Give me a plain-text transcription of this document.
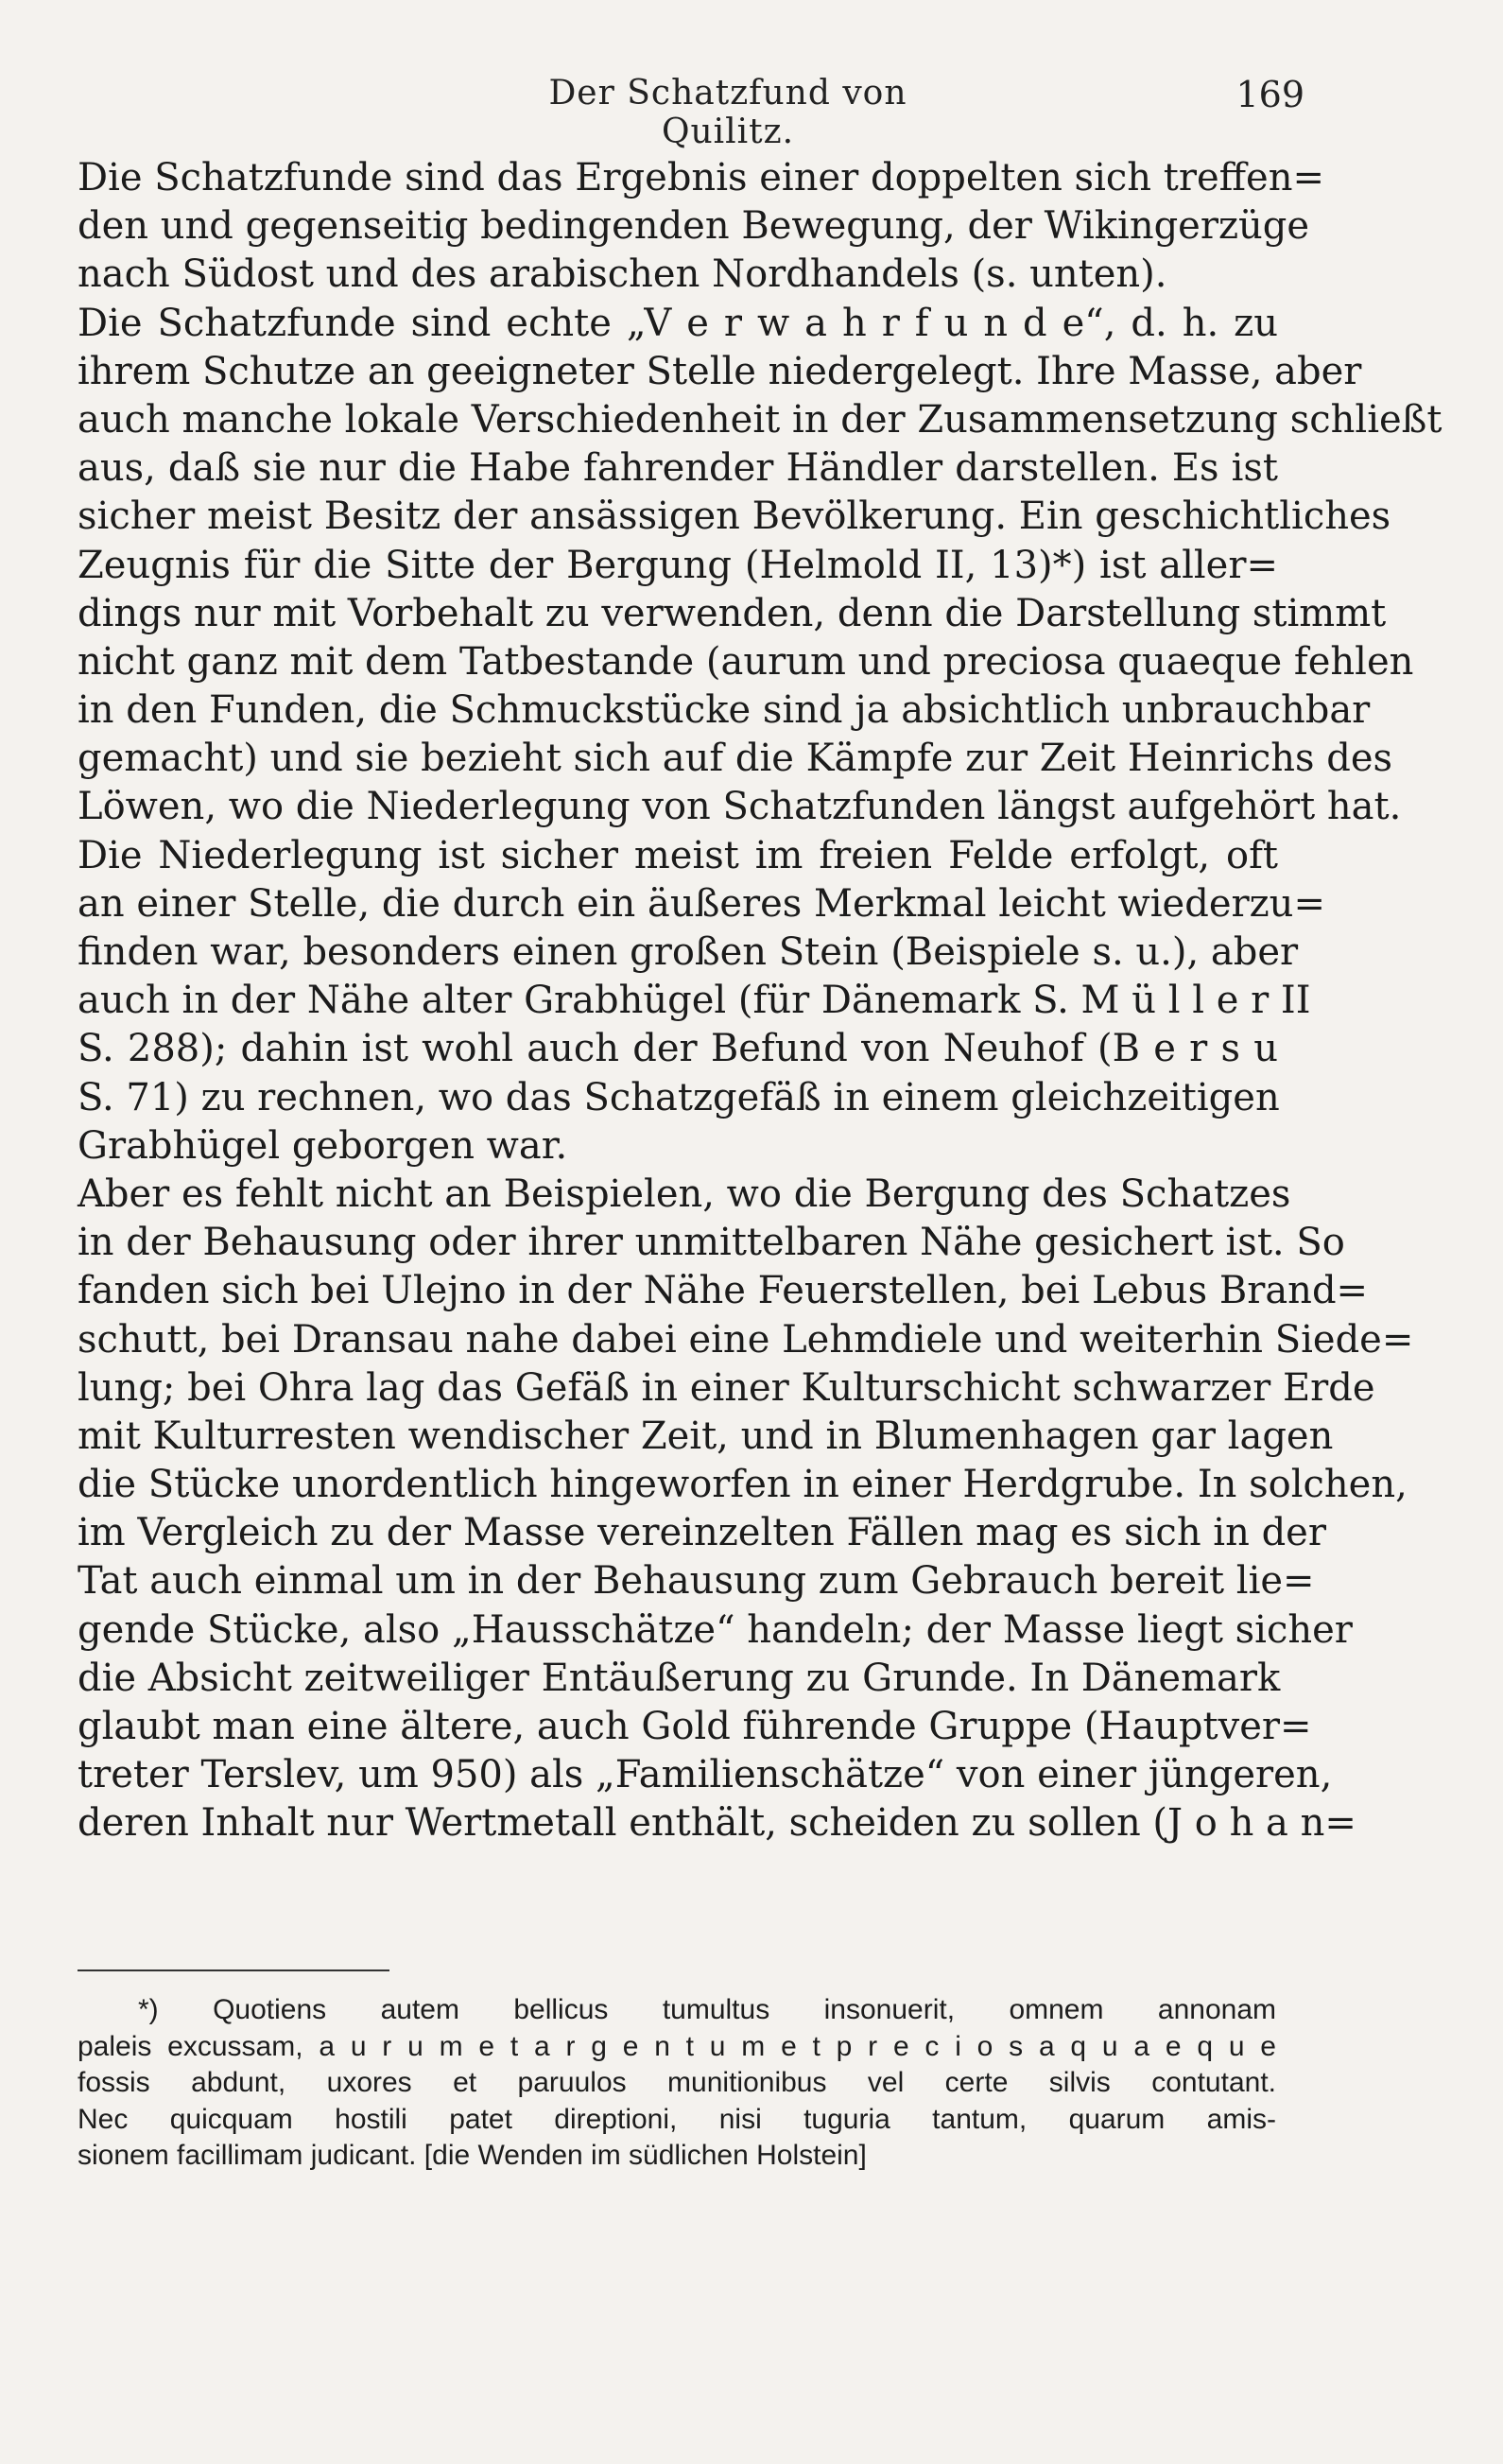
Der Schatzfund von Quilitz.
169
Die Schatzfunde sind das Ergebnis einer doppelten sich treffen=
den und gegenseitig bedingenden Bewegung, der Wikingerzüge
nach Südost und des arabischen Nordhandels (s. unten).
Die Schatzfunde sind echte „V e r w a h r f u n d e“, d. h. zu
ihrem Schutze an geeigneter Stelle niedergelegt. Ihre Masse, aber
auch manche lokale Verschiedenheit in der Zusammensetzung schließt
aus, daß sie nur die Habe fahrender Händler darstellen. Es ist
sicher meist Besitz der ansässigen Bevölkerung. Ein geschichtliches
Zeugnis für die Sitte der Bergung (Helmold II, 13)*) ist aller=
dings nur mit Vorbehalt zu verwenden, denn die Darstellung stimmt
nicht ganz mit dem Tatbestande (aurum und preciosa quaeque fehlen
in den Funden, die Schmuckstücke sind ja absichtlich unbrauchbar
gemacht) und sie bezieht sich auf die Kämpfe zur Zeit Heinrichs des
Löwen, wo die Niederlegung von Schatzfunden längst aufgehört hat.
Die Niederlegung ist sicher meist im freien Felde erfolgt, oft
an einer Stelle, die durch ein äußeres Merkmal leicht wiederzu=
finden war, besonders einen großen Stein (Beispiele s. u.), aber
auch in der Nähe alter Grabhügel (für Dänemark S. M ü l l e r II
S. 288); dahin ist wohl auch der Befund von Neuhof (B e r s u
S. 71) zu rechnen, wo das Schatzgefäß in einem gleichzeitigen
Grabhügel geborgen war.
Aber es fehlt nicht an Beispielen, wo die Bergung des Schatzes
in der Behausung oder ihrer unmittelbaren Nähe gesichert ist. So
fanden sich bei Ulejno in der Nähe Feuerstellen, bei Lebus Brand=
schutt, bei Dransau nahe dabei eine Lehmdiele und weiterhin Siede=
lung; bei Ohra lag das Gefäß in einer Kulturschicht schwarzer Erde
mit Kulturresten wendischer Zeit, und in Blumenhagen gar lagen
die Stücke unordentlich hingeworfen in einer Herdgrube. In solchen,
im Vergleich zu der Masse vereinzelten Fällen mag es sich in der
Tat auch einmal um in der Behausung zum Gebrauch bereit lie=
gende Stücke, also „Hausschätze“ handeln; der Masse liegt sicher
die Absicht zeitweiliger Entäußerung zu Grunde. In Dänemark
glaubt man eine ältere, auch Gold führende Gruppe (Hauptver=
treter Terslev, um 950) als „Familienschätze“ von einer jüngeren,
deren Inhalt nur Wertmetall enthält, scheiden zu sollen (J o h a n=
*) Quotiens autem bellicus tumultus insonuerit, omnem annonam
paleis excussam, a u r u m e t a r g e n t u m e t p r e c i o s a q u a e q u e
fossis abdunt, uxores et paruulos munitionibus vel certe silvis contutant.
Nec quicquam hostili patet direptioni, nisi tuguria tantum, quarum amis-
sionem facillimam judicant. [die Wenden im südlichen Holstein]
